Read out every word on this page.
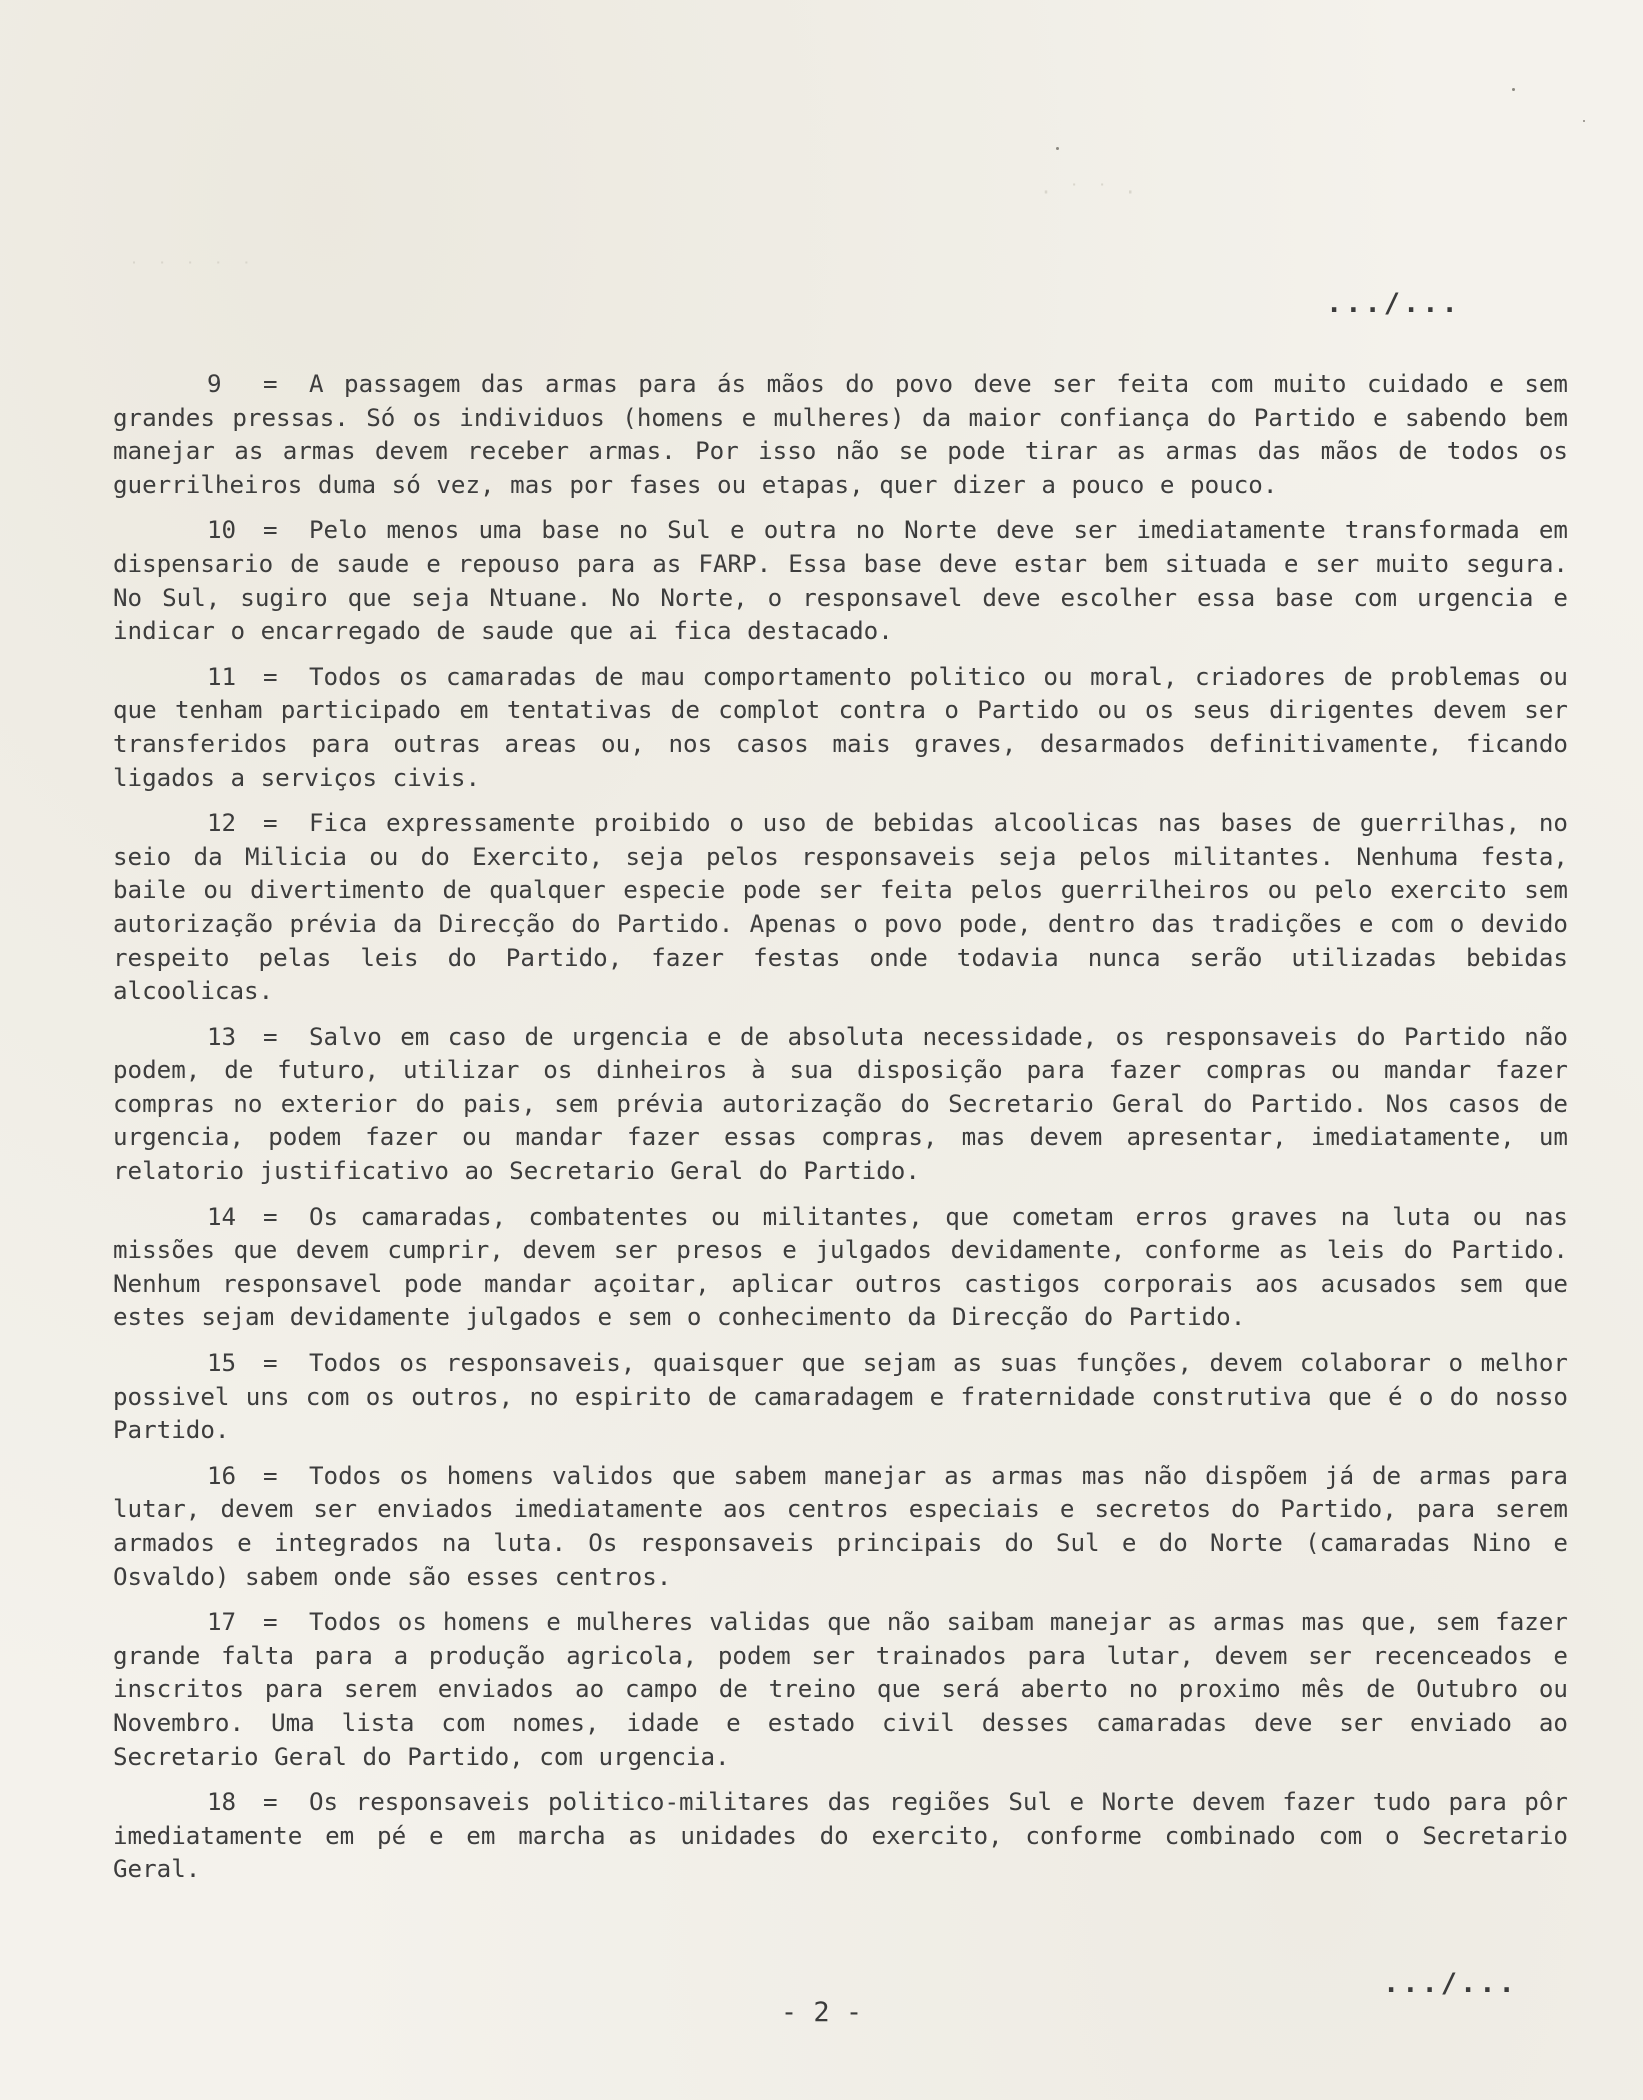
˙ ˙ ˙ ˙ ˙
· ˙ ˙ ·
.../...

9 = A passagem das armas para ás mãos do povo deve ser feita com muito cuidado e sem grandes pressas. Só os individuos (homens e mulheres) da maior confiança do Partido e sabendo bem manejar as armas devem receber armas. Por isso não se pode tirar as armas das mãos de todos os guerrilheiros duma só vez, mas por fases ou etapas, quer dizer a pouco e pouco.

10 = Pelo menos uma base no Sul e outra no Norte deve ser imediatamente transformada em dispensario de saude e repouso para as FARP. Essa base deve estar bem situada e ser muito segura. No Sul, sugiro que seja Ntuane. No Norte, o responsavel deve escolher essa base com urgencia e indicar o encarregado de saude que ai fica destacado.

11 = Todos os camaradas de mau comportamento politico ou moral, criadores de problemas ou que tenham participado em tentativas de complot contra o Partido ou os seus dirigentes devem ser transferidos para outras areas ou, nos casos mais graves, desarmados definitivamente, ficando ligados a serviços civis.

12 = Fica expressamente proibido o uso de bebidas alcoolicas nas bases de guerrilhas, no seio da Milicia ou do Exercito, seja pelos responsaveis seja pelos militantes. Nenhuma festa, baile ou divertimento de qualquer especie pode ser feita pelos guerrilheiros ou pelo exercito sem autorização prévia da Direcção do Partido. Apenas o povo pode, dentro das tradições e com o devido respeito pelas leis do Partido, fazer festas onde todavia nunca serão utilizadas bebidas alcoolicas.

13 = Salvo em caso de urgencia e de absoluta necessidade, os responsaveis do Partido não podem, de futuro, utilizar os dinheiros à sua disposição para fazer compras ou mandar fazer compras no exterior do pais, sem prévia autorização do Secretario Geral do Partido. Nos casos de urgencia, podem fazer ou mandar fazer essas compras, mas devem apresentar, imediatamente, um relatorio justificativo ao Secretario Geral do Partido.

14 = Os camaradas, combatentes ou militantes, que cometam erros graves na luta ou nas missões que devem cumprir, devem ser presos e julgados devidamente, conforme as leis do Partido. Nenhum responsavel pode mandar açoitar, aplicar outros castigos corporais aos acusados sem que estes sejam devidamente julgados e sem o conhecimento da Direcção do Partido.

15 = Todos os responsaveis, quaisquer que sejam as suas funções, devem colaborar o melhor possivel uns com os outros, no espirito de camaradagem e fraternidade construtiva que é o do nosso Partido.

16 = Todos os homens validos que sabem manejar as armas mas não dispõem já de armas para lutar, devem ser enviados imediatamente aos centros especiais e secretos do Partido, para serem armados e integrados na luta. Os responsaveis principais do Sul e do Norte (camaradas Nino e Osvaldo) sabem onde são esses centros.

17 = Todos os homens e mulheres validas que não saibam manejar as armas mas que, sem fazer grande falta para a produção agricola, podem ser trainados para lutar, devem ser recenceados e inscritos para serem enviados ao campo de treino que será aberto no proximo mês de Outubro ou Novembro. Uma lista com nomes, idade e estado civil desses camaradas deve ser enviado ao Secretario Geral do Partido, com urgencia.

18 = Os responsaveis politico-militares das regiões Sul e Norte devem fazer tudo para pôr imediatamente em pé e em marcha as unidades do exercito, conforme combinado com o Secretario Geral.

.../...
- 2 -
